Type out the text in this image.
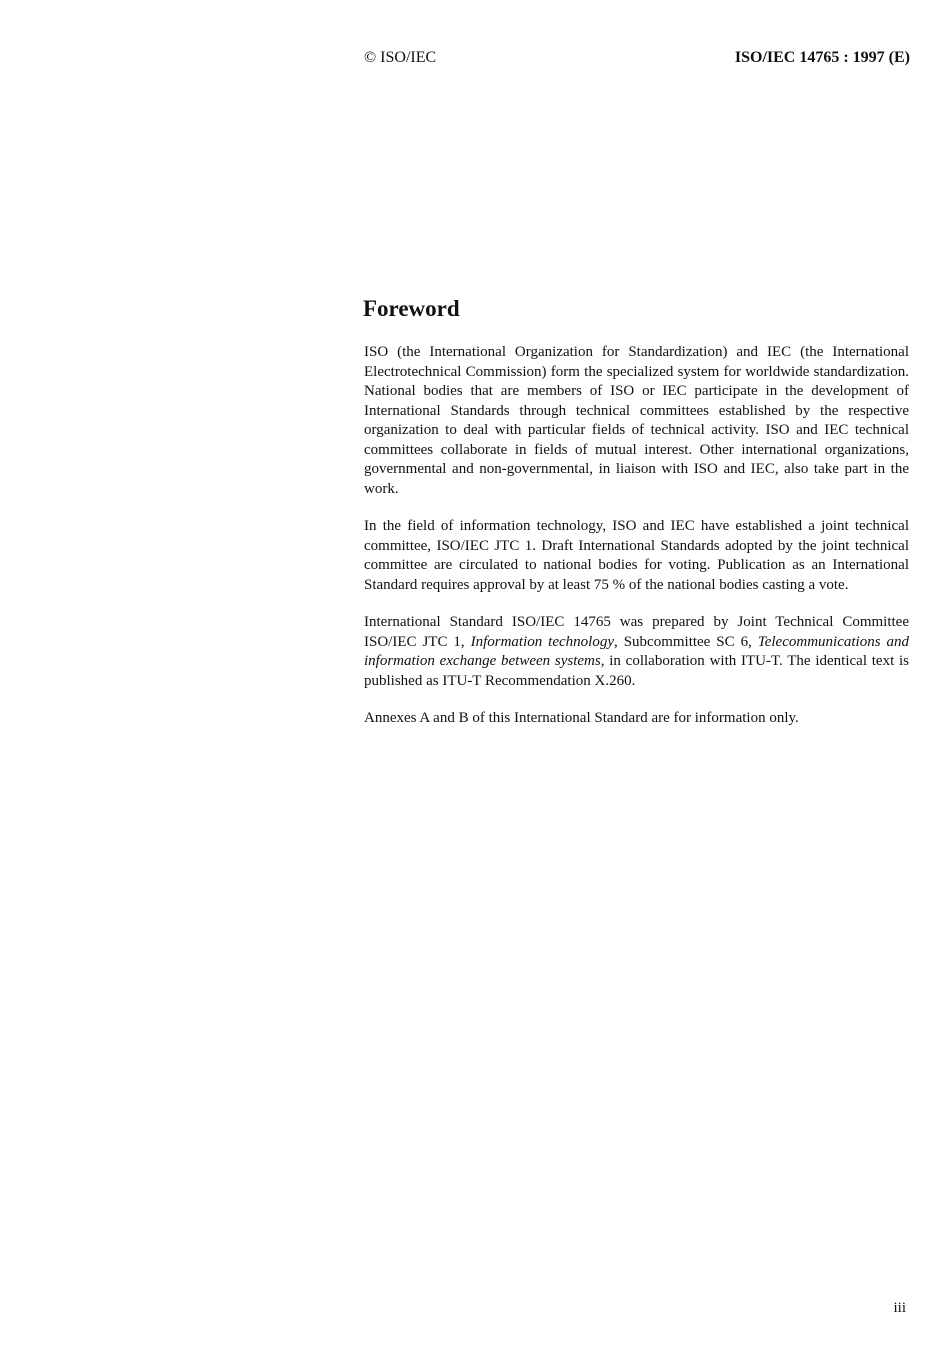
© ISO/IEC	ISO/IEC 14765 : 1997 (E)
Foreword

ISO (the International Organization for Standardization) and IEC (the International Electrotechnical Commission) form the specialized system for worldwide standardization. National bodies that are members of ISO or IEC participate in the development of International Standards through technical committees established by the respective organization to deal with particular fields of technical activity. ISO and IEC technical committees collaborate in fields of mutual interest. Other international organizations, governmental and non-governmental, in liaison with ISO and IEC, also take part in the work.

In the field of information technology, ISO and IEC have established a joint technical committee, ISO/IEC JTC 1. Draft International Standards adopted by the joint technical committee are circulated to national bodies for voting. Publication as an International Standard requires approval by at least 75 % of the national bodies casting a vote.

International Standard ISO/IEC 14765 was prepared by Joint Technical Committee ISO/IEC JTC 1, Information technology, Subcommittee SC 6, Telecommunications and information exchange between systems, in collaboration with ITU-T. The identical text is published as ITU-T Recommendation X.260.

Annexes A and B of this International Standard are for information only.

iii
